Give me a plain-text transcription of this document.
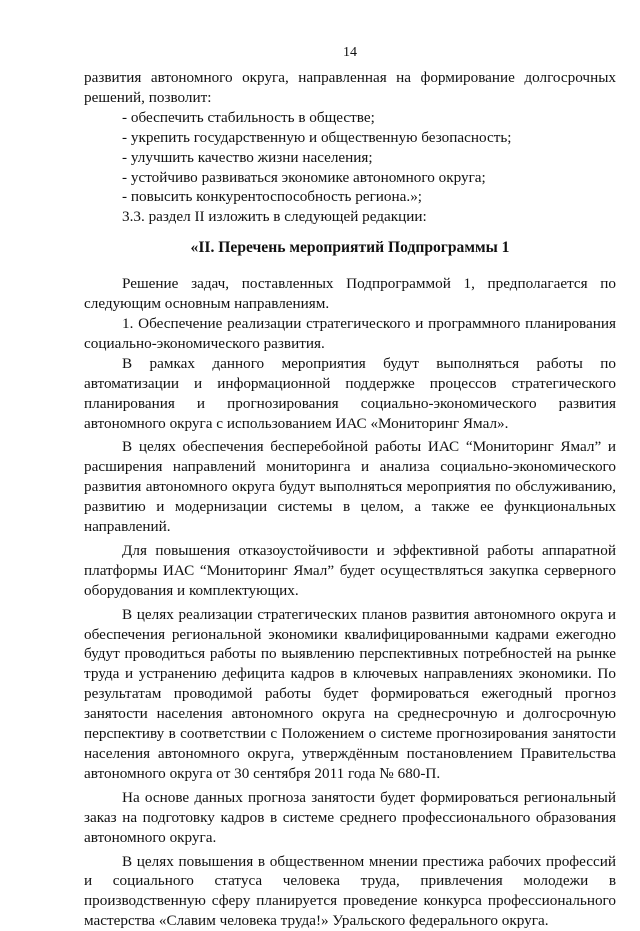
14

развития автономного округа, направленная на формирование долгосрочных решений, позволит:

- обеспечить стабильность в обществе;

- укрепить государственную и общественную безопасность;

- улучшить качество жизни населения;

- устойчиво развиваться экономике автономного округа;

- повысить конкурентоспособность региона.»;

3.3. раздел II изложить в следующей редакции:

«II. Перечень мероприятий Подпрограммы 1

Решение задач, поставленных Подпрограммой 1, предполагается по следующим основным направлениям.

1. Обеспечение реализации стратегического и программного планирования социально-экономического развития.

В рамках данного мероприятия будут выполняться работы по автоматизации и информационной поддержке процессов стратегического планирования и прогнозирования социально-экономического развития автономного округа с использованием ИАС «Мониторинг Ямал».

В целях обеспечения бесперебойной работы ИАС “Мониторинг Ямал” и расширения направлений мониторинга и анализа социально-экономического развития автономного округа будут выполняться мероприятия по обслуживанию, развитию и модернизации системы в целом, а также ее функциональных направлений.

Для повышения отказоустойчивости и эффективной работы аппаратной платформы ИАС “Мониторинг Ямал” будет осуществляться закупка серверного оборудования и комплектующих.

В целях реализации стратегических планов развития автономного округа и обеспечения региональной экономики квалифицированными кадрами ежегодно будут проводиться работы по выявлению перспективных потребностей на рынке труда и устранению дефицита кадров в ключевых направлениях экономики. По результатам проводимой работы будет формироваться ежегодный прогноз занятости населения автономного округа на среднесрочную и долгосрочную перспективу в соответствии с Положением о системе прогнозирования занятости населения автономного округа, утверждённым постановлением Правительства автономного округа от 30 сентября 2011 года № 680-П.

На основе данных прогноза занятости будет формироваться региональный заказ на подготовку кадров в системе среднего профессионального образования автономного округа.

В целях повышения в общественном мнении престижа рабочих профессий и социального статуса человека труда, привлечения молодежи в производственную сферу планируется проведение конкурса профессионального мастерства «Славим человека труда!» Уральского федерального округа.
